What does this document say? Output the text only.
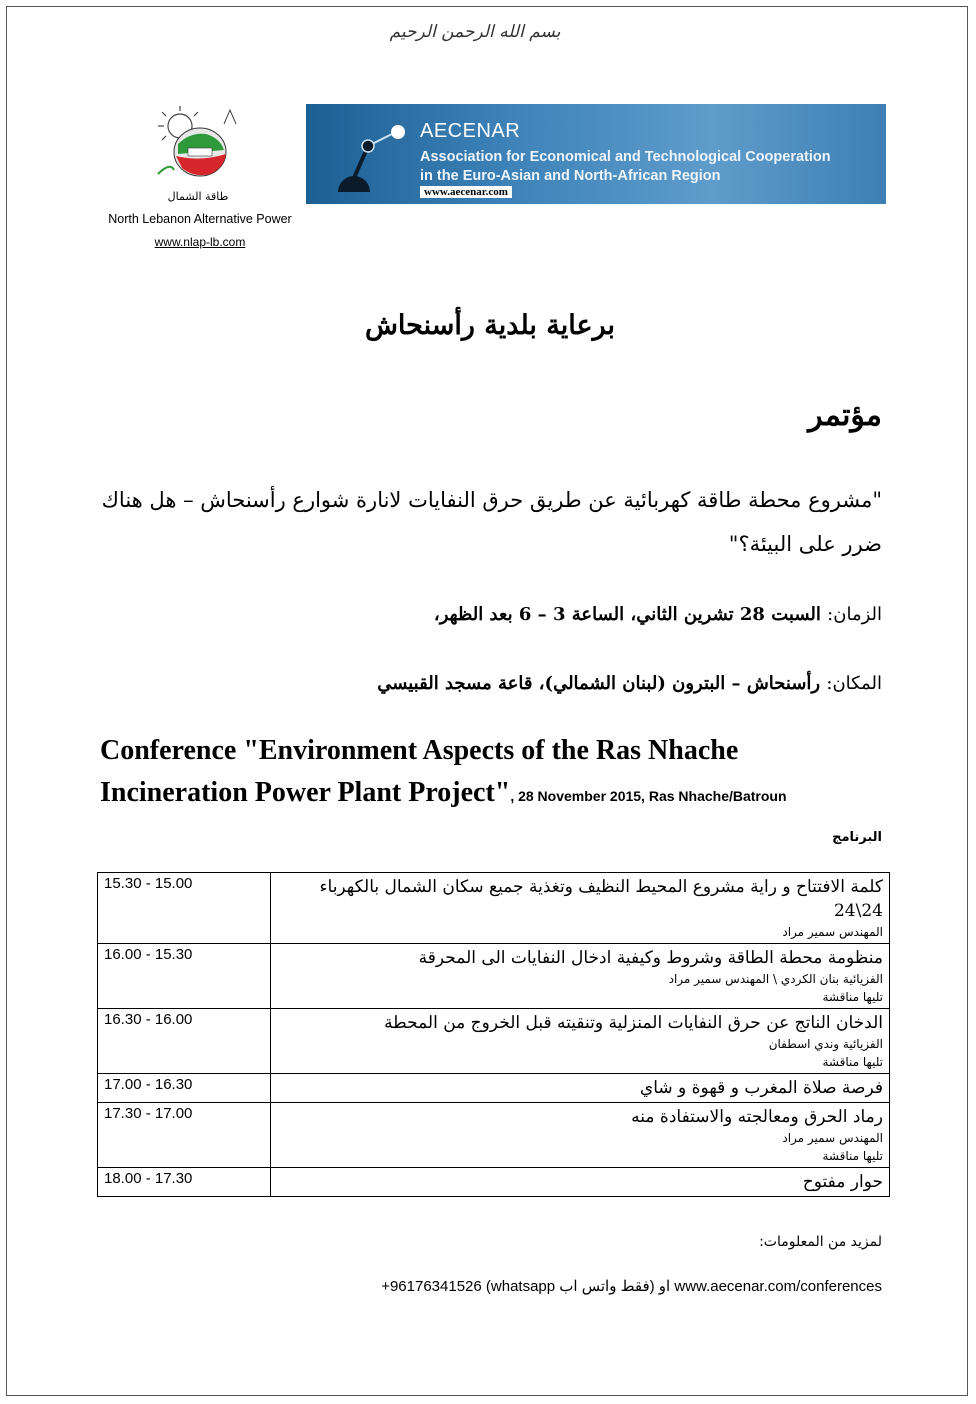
بسم الله الرحمن الرحيم
طاقة الشمال
North Lebanon Alternative Power
www.nlap-lb.com
AECENAR
Association for Economical and Technological Cooperation
in the Euro-Asian and North-African Region
www.aecenar.com
برعاية بلدية رأسنحاش
مؤتمر
"مشروع محطة طاقة كهربائية عن طريق حرق النفايات لانارة شوارع رأسنحاش – هل هناك
ضرر على البيئة؟"
الزمان: السبت 28 تشرين الثاني، الساعة 3 – 6 بعد الظهر،
المكان: رأسنحاش – البترون (لبنان الشمالي)، قاعة مسجد القبيسي
Conference "Environment Aspects of the Ras Nhache
Incineration Power Plant Project", 28 November 2015, Ras Nhache/Batroun
البرنامج
كلمة الافتتاح و راية مشروع المحيط النظيف وتغذية جميع سكان الشمال بالكهرباء 24\24
المهندس سمير مراد	15.30 - 15.00

منظومة محطة الطاقة وشروط وكيفية ادخال النفايات الى المحرقة
الفزيائية بنان الكردي \ المهندس سمير مراد
تليها مناقشة	16.00 - 15.30

الدخان الناتج عن حرق النفايات المنزلية وتنقيته قبل الخروج من المحطة
الفزيائية وندي اسطفان
تليها مناقشة	16.30 - 16.00

فرصة صلاة المغرب و قهوة و شاي	17.00 - 16.30

رماد الحرق ومعالجته والاستفادة منه
المهندس سمير مراد
تليها مناقشة	17.30 - 17.00

حوار مفتوح	18.00 - 17.30
لمزيد من المعلومات:
+96176341526 (whatsapp فقط واتس اب) او www.aecenar.com/conferences
